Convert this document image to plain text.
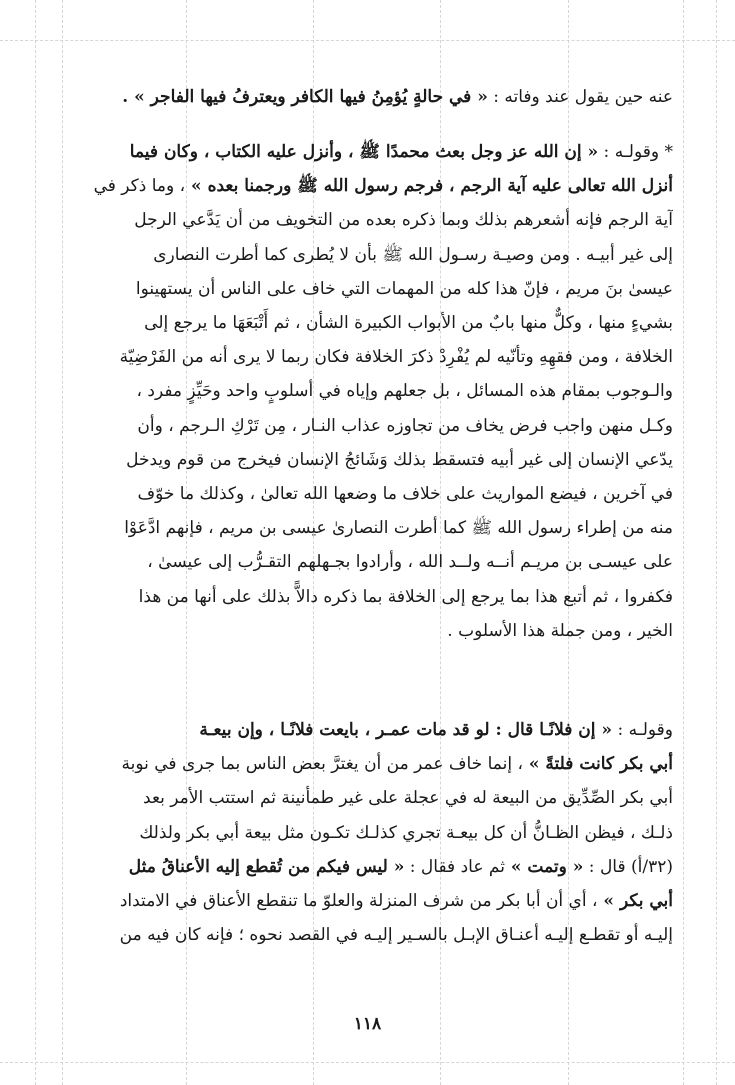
عنه حين يقول عند وفاته : « في حالةٍ يُؤمِنُ فيها الكافر ويعترفُ فيها الفاجر » .
* وقولـه : « إن الله عز وجل بعث محمدًا ﷺ ، وأنزل عليه الكتاب ، وكان فيما
أنزل الله تعالى عليه آية الرجم ، فرجم رسول الله ﷺ ورجمنا بعده » ، وما ذكر في
آية الرجم فإنه أشعرهم بذلك وبما ذكره بعده من التخويف من أن يَدَّعي الرجل
إلى غير أبيـه . ومن وصيـة رسـول الله ﷺ بأن لا يُطرى كما أطرت النصارى
عيسىٰ بنَ مريم ، فإنّ هذا كله من المهمات التي خاف على الناس أن يستهينوا
بشيءٍ منها ، وكلٌّ منها بابٌ من الأبواب الكبيرة الشأن ، ثم أَتْبَعَهَا ما يرجع إلى
الخلافة ، ومن فقهِهِ وتأنّيه لم يُفْرِدْ ذكرَ الخلافة فكان ربما لا يرى أنه من الفَرْضِيّة
والـوجوب بمقام هذه المسائل ، بل جعلهم وإياه في أسلوبٍ واحد وحَيِّزٍ مفرد ،
وكـل منهن واجب فرض يخاف من تجاوزه عذاب النـار ، مِن تَرْكِ الـرجم ، وأن
يدّعي الإنسان إلى غير أبيه فتسقط بذلك وَشَائجُ الإنسان فيخرج من قوم ويدخل
في آخرين ، فيضع المواريث على خلاف ما وضعها الله تعالىٰ ، وكذلك ما خوّف
منه من إطراء رسول الله ﷺ كما أطرت النصارىٰ عيسى بن مريم ، فإنهم ادَّعَوْا
على عيسـى بن مريـم أنــه ولــد الله ، وأرادوا بجـهلهم التقـرُّب إلى عيسىٰ ،
فكفروا ، ثم أتبع هذا بما يرجع إلى الخلافة بما ذكره دالاًّ بذلك على أنها من هذا
الخير ، ومن جملة هذا الأسلوب .
وقولـه : « إن فلانًـا قال : لو قد مات عمـر ، بايعت فلانًـا ، وإن بيعـة
أبي بكر كانت فلتةً » ، إنما خاف عمر من أن يغترَّ بعض الناس بما جرى في نوبة
أبي بكر الصِّدِّيق من البيعة له في عجلة على غير طمأنينة ثم استتب الأمر بعد
ذلـك ، فيظن الظـانُّ أن كل بيعـة تجري كذلـك تكـون مثل بيعة أبي بكر ولذلك
(٣٢/أ) قال : « وتمت » ثم عاد فقال : « ليس فيكم من تُقطع إليه الأعناقُ مثل
أبي بكر » ، أي أن أبا بكر من شرف المنزلة والعلوّ ما تنقطع الأعناق في الامتداد
إليـه أو تقطـع إليـه أعنـاق الإبـل بالسـير إليـه في القصد نحوه ؛ فإنه كان فيه من
١١٨
